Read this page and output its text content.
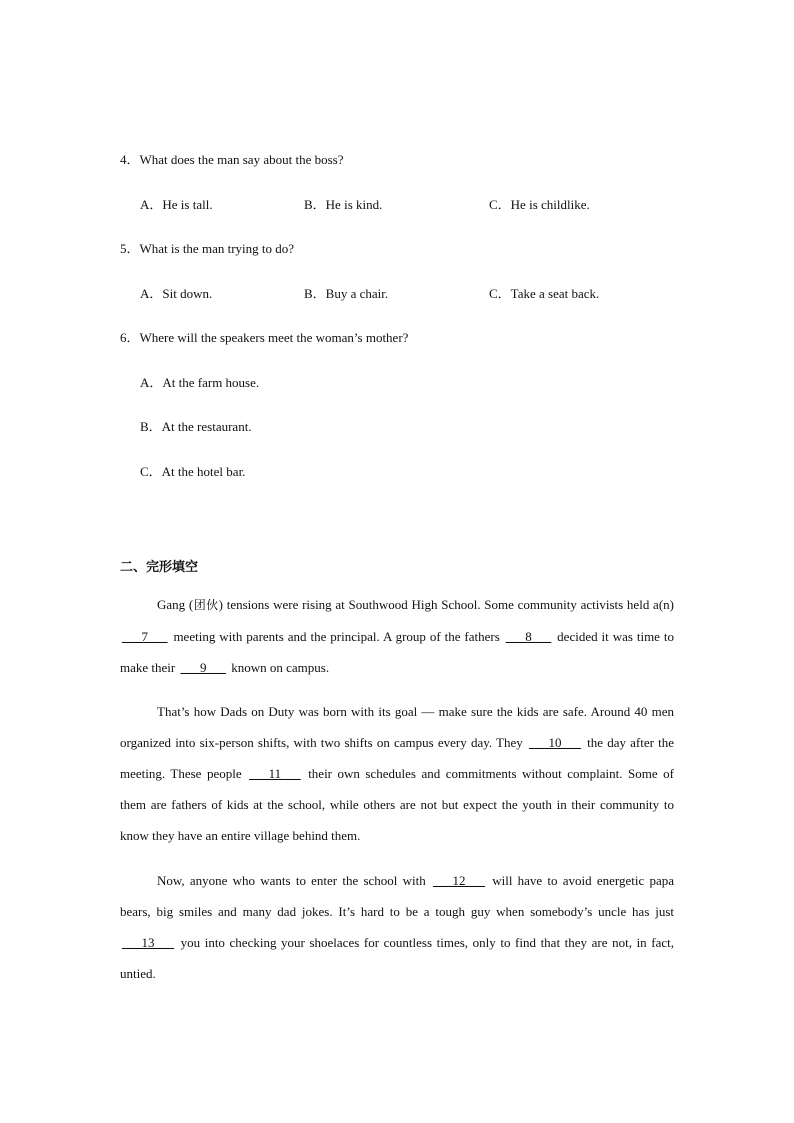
4．What does the man say about the boss?
A．He is tall.	B．He is kind.	C．He is childlike.
5．What is the man trying to do?
A．Sit down.	B．Buy a chair.	C．Take a seat back.
6．Where will the speakers meet the woman’s mother?
A．At the farm house.
B．At the restaurant.
C．At the hotel bar.
二、完形填空
Gang (团伙) tensions were rising at Southwood High School. Some community activists held a(n) ___7___ meeting with parents and the principal. A group of the fathers ___8___ decided it was time to make their ___9___ known on campus.
That’s how Dads on Duty was born with its goal — make sure the kids are safe. Around 40 men organized into six-person shifts, with two shifts on campus every day. They ___10___ the day after the meeting. These people ___11___ their own schedules and commitments without complaint. Some of them are fathers of kids at the school, while others are not but expect the youth in their community to know they have an entire village behind them.
Now, anyone who wants to enter the school with ___12___ will have to avoid energetic papa bears, big smiles and many dad jokes. It’s hard to be a tough guy when somebody’s uncle has just ___13___ you into checking your shoelaces for countless times, only to find that they are not, in fact, untied.
